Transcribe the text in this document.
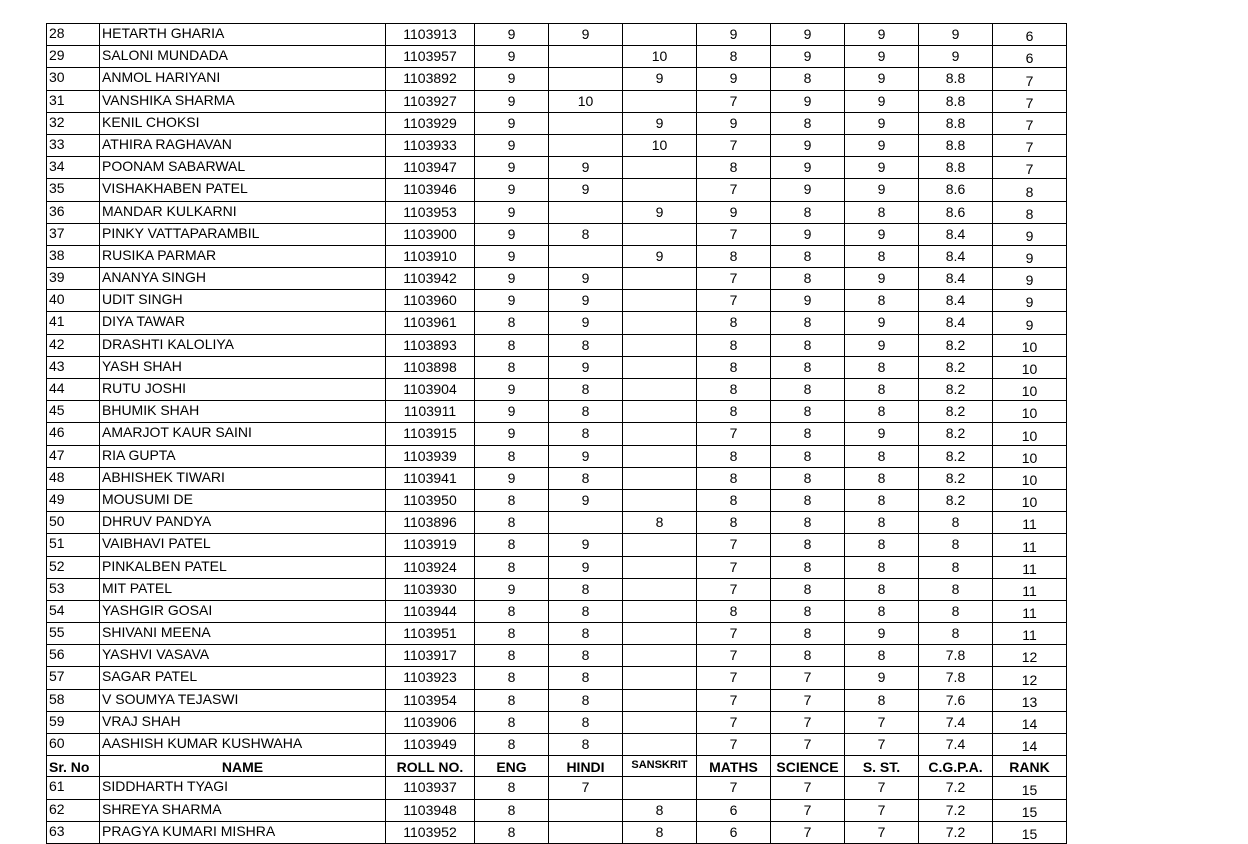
28	HETARTH GHARIA	1103913	9	9		9	9	9	9	6
29	SALONI MUNDADA	1103957	9		10	8	9	9	9	6
30	ANMOL HARIYANI	1103892	9		9	9	8	9	8.8	7
31	VANSHIKA SHARMA	1103927	9	10		7	9	9	8.8	7
32	KENIL CHOKSI	1103929	9		9	9	8	9	8.8	7
33	ATHIRA RAGHAVAN	1103933	9		10	7	9	9	8.8	7
34	POONAM SABARWAL	1103947	9	9		8	9	9	8.8	7
35	VISHAKHABEN PATEL	1103946	9	9		7	9	9	8.6	8
36	MANDAR KULKARNI	1103953	9		9	9	8	8	8.6	8
37	PINKY VATTAPARAMBIL	1103900	9	8		7	9	9	8.4	9
38	RUSIKA PARMAR	1103910	9		9	8	8	8	8.4	9
39	ANANYA SINGH	1103942	9	9		7	8	9	8.4	9
40	UDIT SINGH	1103960	9	9		7	9	8	8.4	9
41	DIYA TAWAR	1103961	8	9		8	8	9	8.4	9
42	DRASHTI KALOLIYA	1103893	8	8		8	8	9	8.2	10
43	YASH SHAH	1103898	8	9		8	8	8	8.2	10
44	RUTU JOSHI	1103904	9	8		8	8	8	8.2	10
45	BHUMIK SHAH	1103911	9	8		8	8	8	8.2	10
46	AMARJOT KAUR SAINI	1103915	9	8		7	8	9	8.2	10
47	RIA GUPTA	1103939	8	9		8	8	8	8.2	10
48	ABHISHEK TIWARI	1103941	9	8		8	8	8	8.2	10
49	MOUSUMI DE	1103950	8	9		8	8	8	8.2	10
50	DHRUV PANDYA	1103896	8		8	8	8	8	8	11
51	VAIBHAVI PATEL	1103919	8	9		7	8	8	8	11
52	PINKALBEN PATEL	1103924	8	9		7	8	8	8	11
53	MIT PATEL	1103930	9	8		7	8	8	8	11
54	YASHGIR GOSAI	1103944	8	8		8	8	8	8	11
55	SHIVANI MEENA	1103951	8	8		7	8	9	8	11
56	YASHVI VASAVA	1103917	8	8		7	8	8	7.8	12
57	SAGAR PATEL	1103923	8	8		7	7	9	7.8	12
58	V SOUMYA TEJASWI	1103954	8	8		7	7	8	7.6	13
59	VRAJ SHAH	1103906	8	8		7	7	7	7.4	14
60	AASHISH KUMAR KUSHWAHA	1103949	8	8		7	7	7	7.4	14
Sr. No	NAME	ROLL NO.	ENG	HINDI	SANSKRIT	MATHS	SCIENCE	S. ST.	C.G.P.A.	RANK
61	SIDDHARTH TYAGI	1103937	8	7		7	7	7	7.2	15
62	SHREYA SHARMA	1103948	8		8	6	7	7	7.2	15
63	PRAGYA KUMARI MISHRA	1103952	8		8	6	7	7	7.2	15
